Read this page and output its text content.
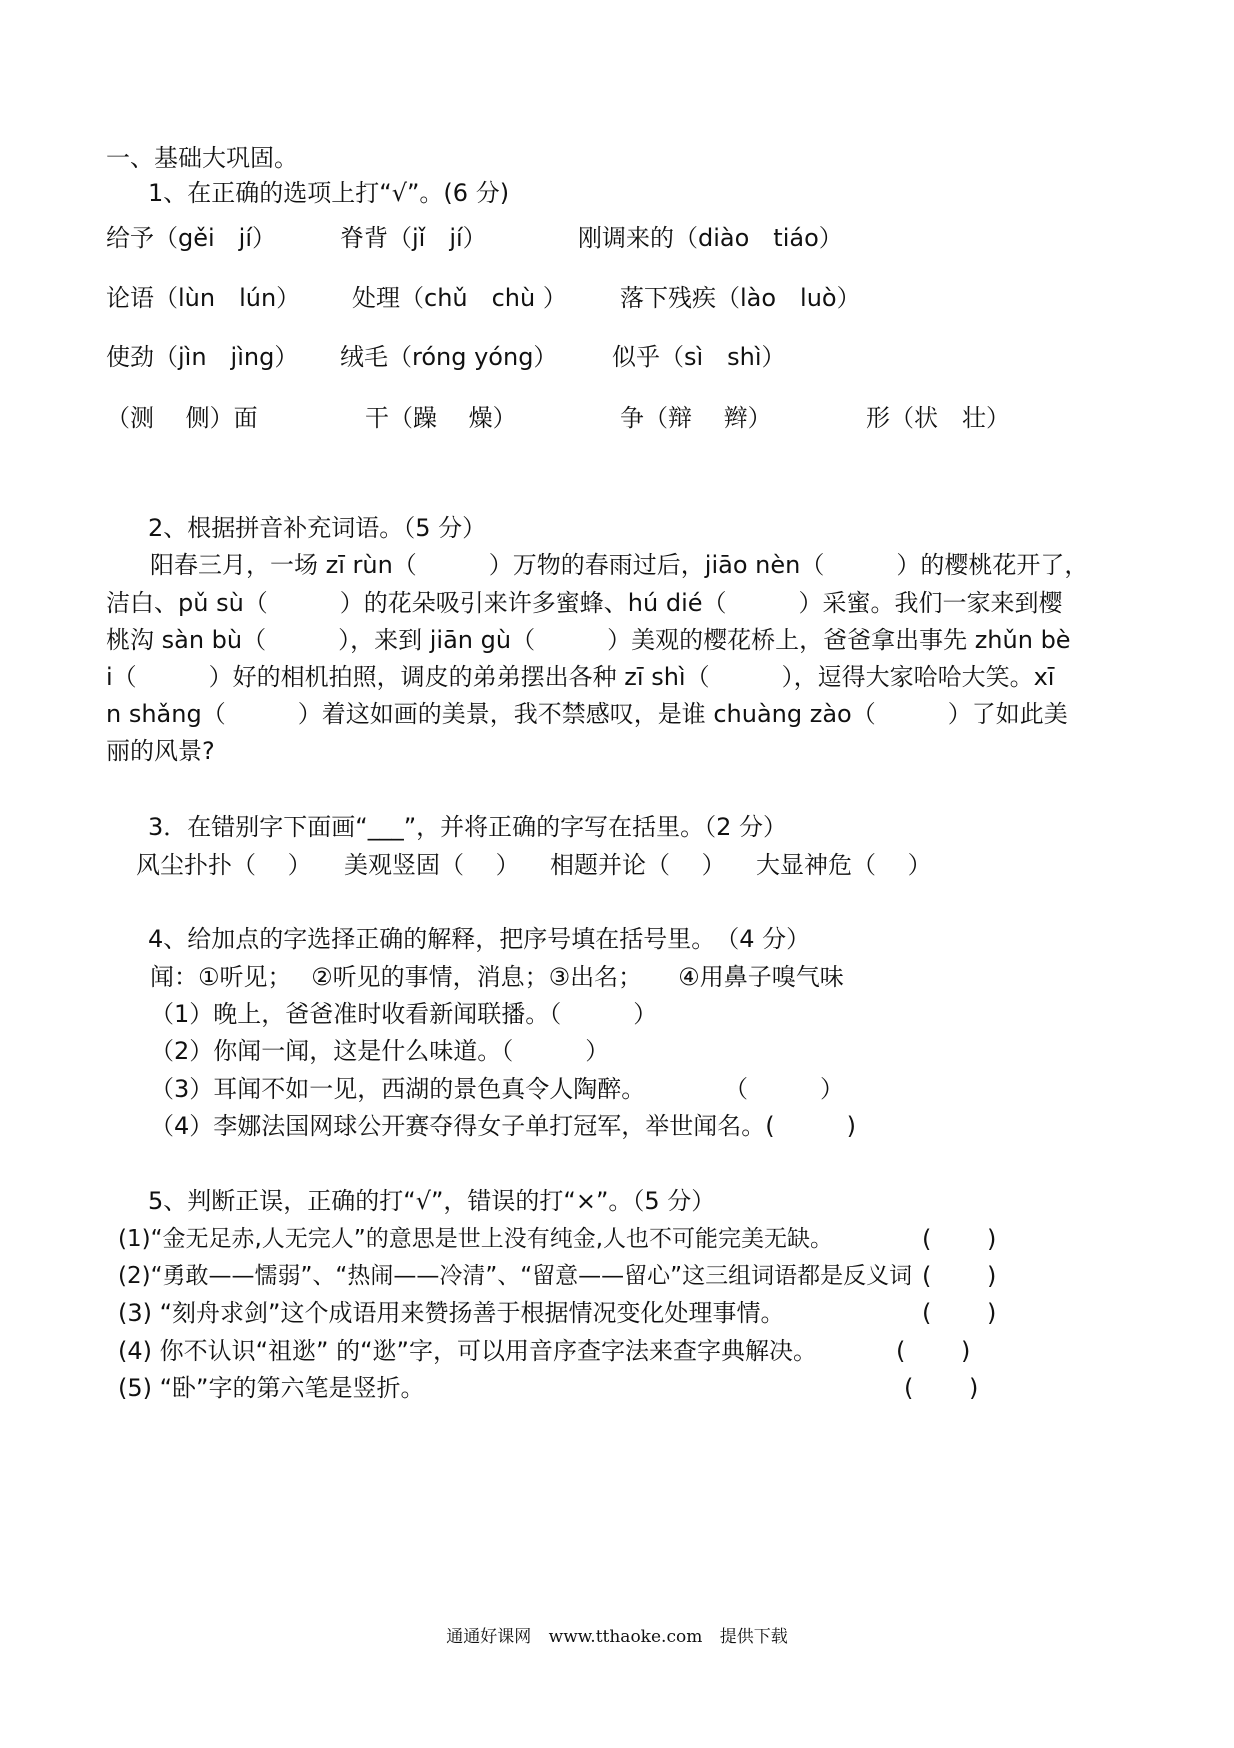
一、基础大巩固。

1、在正确的选项上打“√”。(6 分)

给予（gěi　jí）	脊背（jǐ　jí）	刚调来的（diào　tiáo）

论语（lùn　lún） 处理（chǔ　chù ） 落下残疾（lào　luò）

使劲（jìn　jìng） 绒毛（róng yóng） 似乎（sì　shì）

（测　 侧）面	干（躁　 燥）	争（辩　 辫）	形（状　壮）

2、根据拼音补充词语。（5 分）

阳春三月，一场 zī rùn（　　　）万物的春雨过后，jiāo nèn（　　　）的樱桃花开了，

洁白、pǔ sù（　　　）的花朵吸引来许多蜜蜂、hú dié（　　　）采蜜。我们一家来到樱

桃沟 sàn bù（　　　），来到 jiān gù（　　　）美观的樱花桥上，爸爸拿出事先 zhǔn bè

i（　　　）好的相机拍照，调皮的弟弟摆出各种 zī shì（　　　），逗得大家哈哈大笑。xī

n shǎng（　　　）着这如画的美景，我不禁感叹，是谁 chuàng zào（　　　）了如此美

丽的风景?

3．在错别字下面画“___”，并将正确的字写在括里。（2 分）

风尘扑扑（　 ） 美观竖固（　 ） 相题并论（　 ） 大显神危（　 ）

4、给加点的字选择正确的解释，把序号填在括号里。　（4 分）

闻：①听见；　 ②听见的事情，消息；③出名；　　④用鼻子嗅气味

（1）晚上，爸爸准时收看新闻联播。（　　　）

（2）你闻一闻，这是什么味道。（　　　）

（3）耳闻不如一见，西湖的景色真令人陶醉。	（　　　）

（4）李娜法国网球公开赛夺得女子单打冠军，举世闻名。(　　　)

5、判断正误，正确的打“√”，错误的打“×”。（5 分）

(1)“金无足赤,人无完人”的意思是世上没有纯金,人也不可能完美无缺。	(　　 )

(2)“勇敢——懦弱”、“热闹——冷清”、“留意——留心”这三组词语都是反义词 (　　 )

(3) “刻舟求剑”这个成语用来赞扬善于根据情况变化处理事情。	(　　 )

(4) 你不认识“祖逖” 的“逖”字，可以用音序查字法来查字典解决。	(　　 )

(5) “卧”字的第六笔是竖折。	(　　 )

通通好课网 www.tthaoke.com 提供下载
